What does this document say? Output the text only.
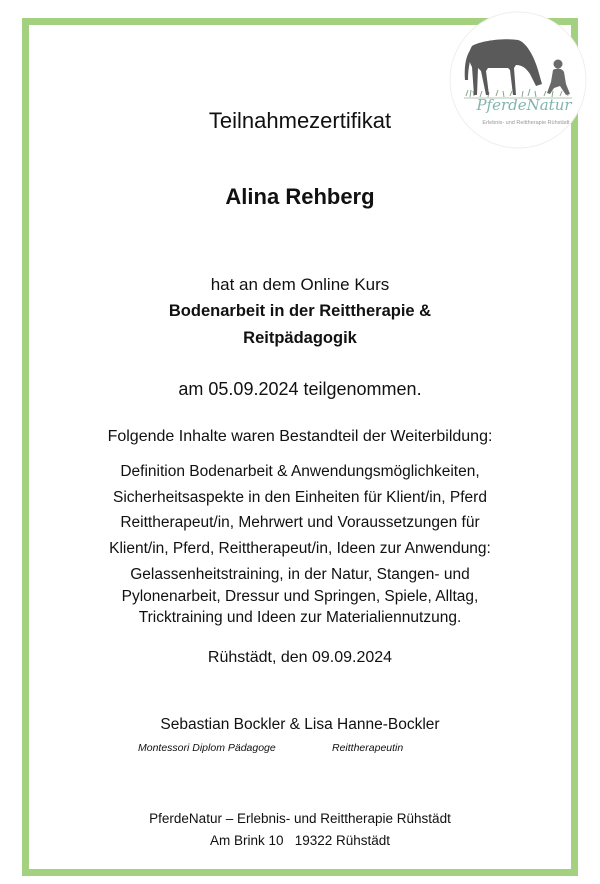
PferdeNatur
Erlebnis- und Reittherapie Rühstädt
Teilnahmezertifikat
Alina Rehberg
hat an dem Online Kurs
Bodenarbeit in der Reittherapie &
Reitpädagogik
am 05.09.2024 teilgenommen.
Folgende Inhalte waren Bestandteil der Weiterbildung:
Definition Bodenarbeit & Anwendungsmöglichkeiten,
Sicherheitsaspekte in den Einheiten für Klient/in, Pferd
Reittherapeut/in, Mehrwert und Voraussetzungen für
Klient/in, Pferd, Reittherapeut/in, Ideen zur Anwendung:
Gelassenheitstraining, in der Natur, Stangen- und
Pylonenarbeit, Dressur und Springen, Spiele, Alltag,
Tricktraining und Ideen zur Materialiennutzung.
Rühstädt, den 09.09.2024
Sebastian Bockler & Lisa Hanne-Bockler
Montessori Diplom Pädagoge	Reittherapeutin
PferdeNatur – Erlebnis- und Reittherapie Rühstädt
Am Brink 10   19322 Rühstädt
